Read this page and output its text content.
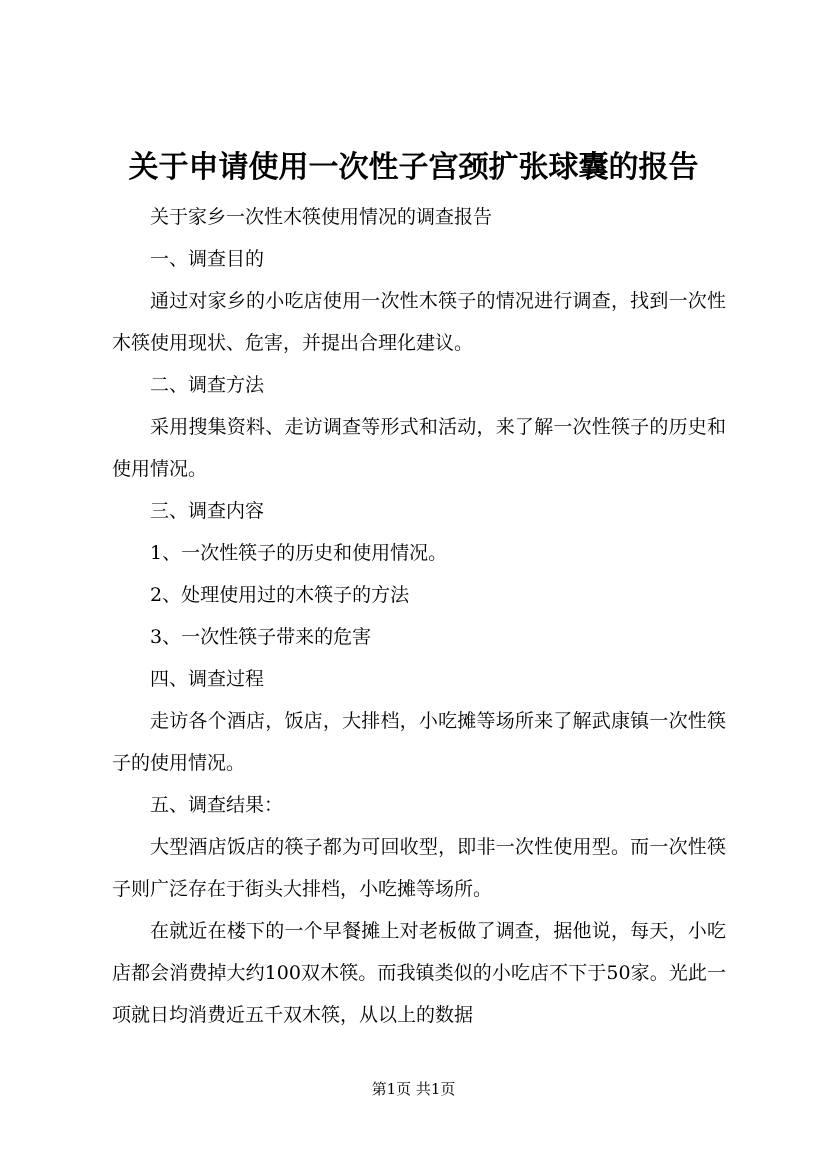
关于申请使用一次性子宫颈扩张球囊的报告

关于家乡一次性木筷使用情况的调查报告

一、调查目的

通过对家乡的小吃店使用一次性木筷子的情况进行调查，找到一次性木筷使用现状、危害，并提出合理化建议。

二、调查方法

采用搜集资料、走访调查等形式和活动，来了解一次性筷子的历史和使用情况。

三、调查内容

1、一次性筷子的历史和使用情况。

2、处理使用过的木筷子的方法

3、一次性筷子带来的危害

四、调查过程

走访各个酒店，饭店，大排档，小吃摊等场所来了解武康镇一次性筷子的使用情况。

五、调查结果：

大型酒店饭店的筷子都为可回收型，即非一次性使用型。而一次性筷子则广泛存在于街头大排档，小吃摊等场所。

在就近在楼下的一个早餐摊上对老板做了调查，据他说，每天，小吃店都会消费掉大约100双木筷。而我镇类似的小吃店不下于50家。光此一项就日均消费近五千双木筷，从以上的数据

第1页 共1页
